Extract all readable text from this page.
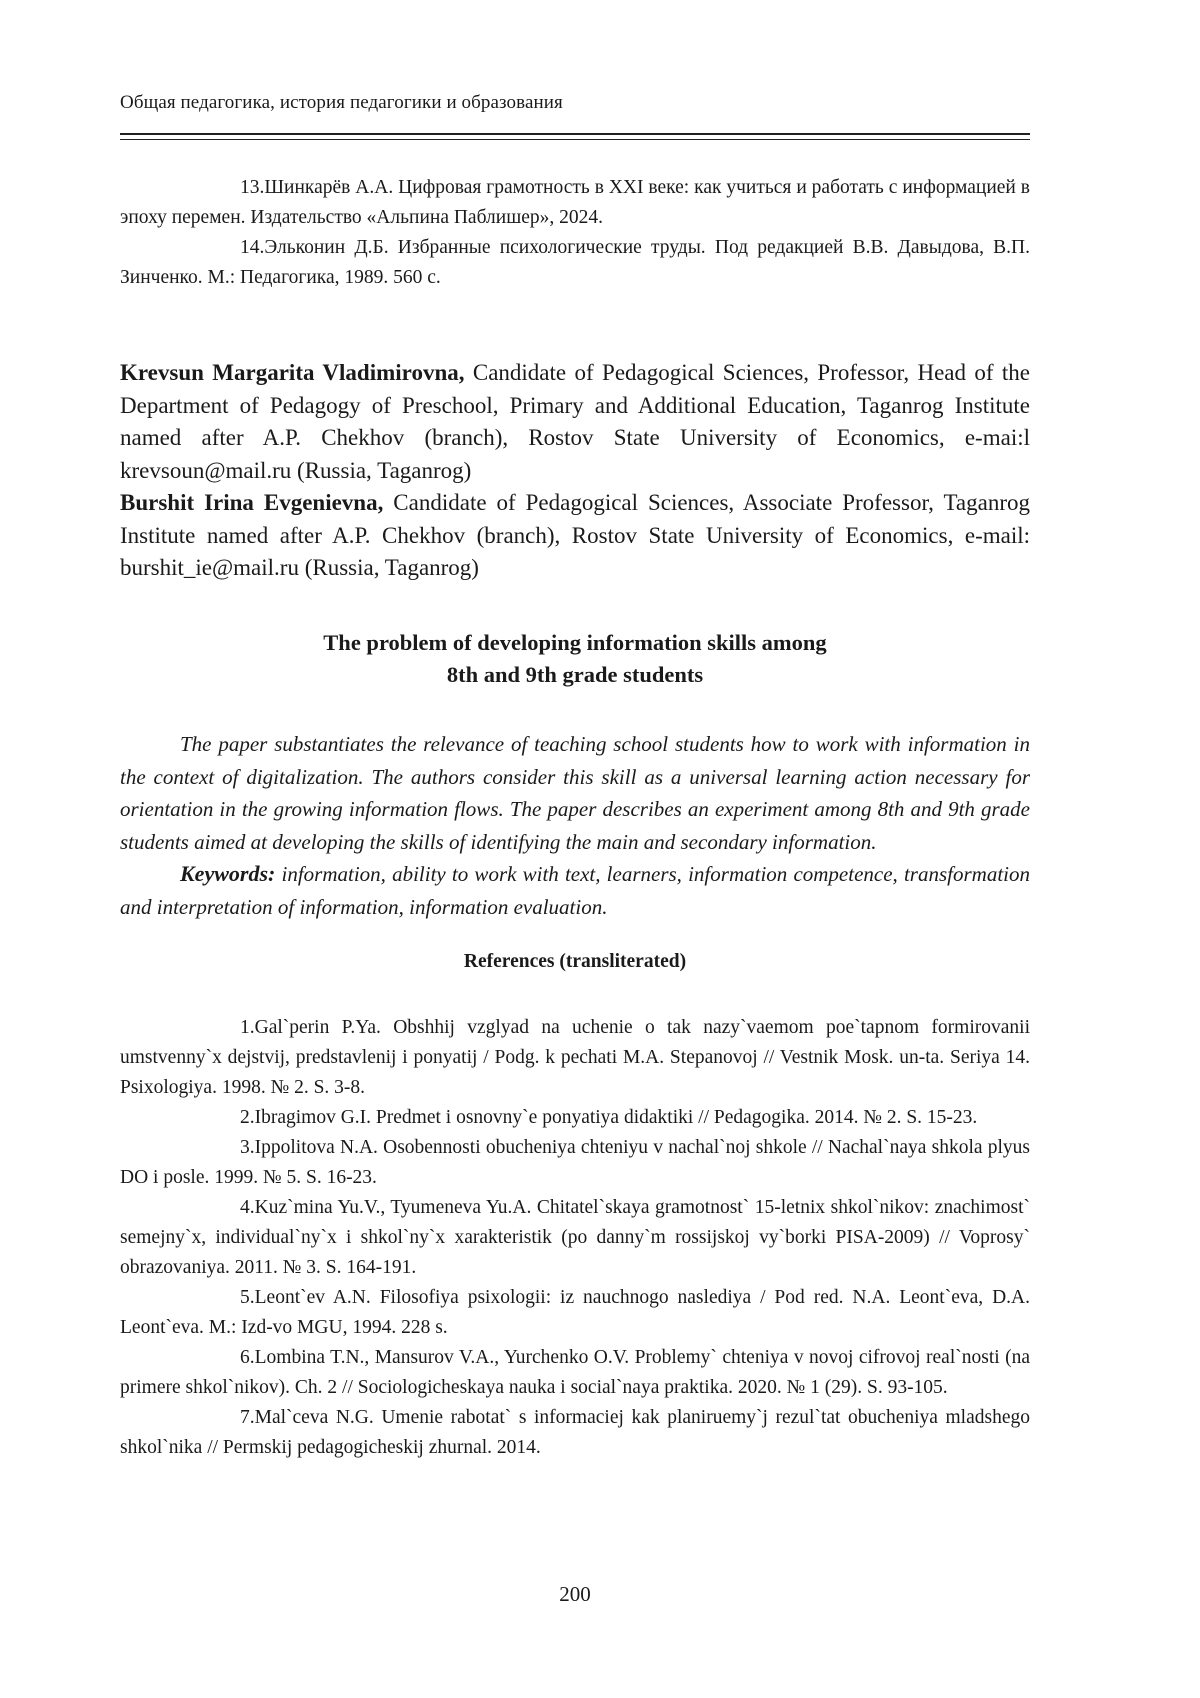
Общая педагогика, история педагогики и образования

13.Шинкарёв А.А. Цифровая грамотность в XXI веке: как учиться и работать с информацией в эпоху перемен. Издательство «Альпина Паблишер», 2024.

14.Эльконин Д.Б. Избранные психологические труды. Под редакцией В.В. Давыдова, В.П. Зинченко. М.: Педагогика, 1989. 560 с.

Krevsun Margarita Vladimirovna, Candidate of Pedagogical Sciences, Professor, Head of the Department of Pedagogy of Preschool, Primary and Additional Education, Taganrog Institute named after A.P. Chekhov (branch), Rostov State University of Economics, e-mai:l krevsoun@mail.ru (Russia, Taganrog)

Burshit Irina Evgenievna, Candidate of Pedagogical Sciences, Associate Professor, Taganrog Institute named after A.P. Chekhov (branch), Rostov State University of Economics, e-mail: burshit_ie@mail.ru (Russia, Taganrog)

The problem of developing information skills among
8th and 9th grade students

The paper substantiates the relevance of teaching school students how to work with information in the context of digitalization. The authors consider this skill as a universal learning action necessary for orientation in the growing information flows. The paper describes an experiment among 8th and 9th grade students aimed at developing the skills of identifying the main and secondary information.

Keywords: information, ability to work with text, learners, information competence, transformation and interpretation of information, information evaluation.

References (transliterated)

1.Gal`perin P.Ya. Obshhij vzglyad na uchenie o tak nazy`vaemom poe`tapnom formirovanii umstvenny`x dejstvij, predstavlenij i ponyatij / Podg. k pechati M.A. Stepanovoj // Vestnik Mosk. un-ta. Seriya 14. Psixologiya. 1998. № 2. S. 3-8.

2.Ibragimov G.I. Predmet i osnovny`e ponyatiya didaktiki // Pedagogika. 2014. № 2. S. 15-23.

3.Ippolitova N.A. Osobennosti obucheniya chteniyu v nachal`noj shkole // Nachal`naya shkola plyus DO i posle. 1999. № 5. S. 16-23.

4.Kuz`mina Yu.V., Tyumeneva Yu.A. Chitatel`skaya gramotnost` 15-letnix shkol`nikov: znachimost` semejny`x, individual`ny`x i shkol`ny`x xarakteristik (po danny`m rossijskoj vy`borki PISA-2009) // Voprosy` obrazovaniya. 2011. № 3. S. 164-191.

5.Leont`ev A.N. Filosofiya psixologii: iz nauchnogo naslediya / Pod red. N.A. Leont`eva, D.A. Leont`eva. M.: Izd-vo MGU, 1994. 228 s.

6.Lombina T.N., Mansurov V.A., Yurchenko O.V. Problemy` chteniya v novoj cifrovoj real`nosti (na primere shkol`nikov). Ch. 2 // Sociologicheskaya nauka i social`naya praktika. 2020. № 1 (29). S. 93-105.

7.Mal`ceva N.G. Umenie rabotat` s informaciej kak planiruemy`j rezul`tat obucheniya mladshego shkol`nika // Permskij pedagogicheskij zhurnal. 2014.

200
